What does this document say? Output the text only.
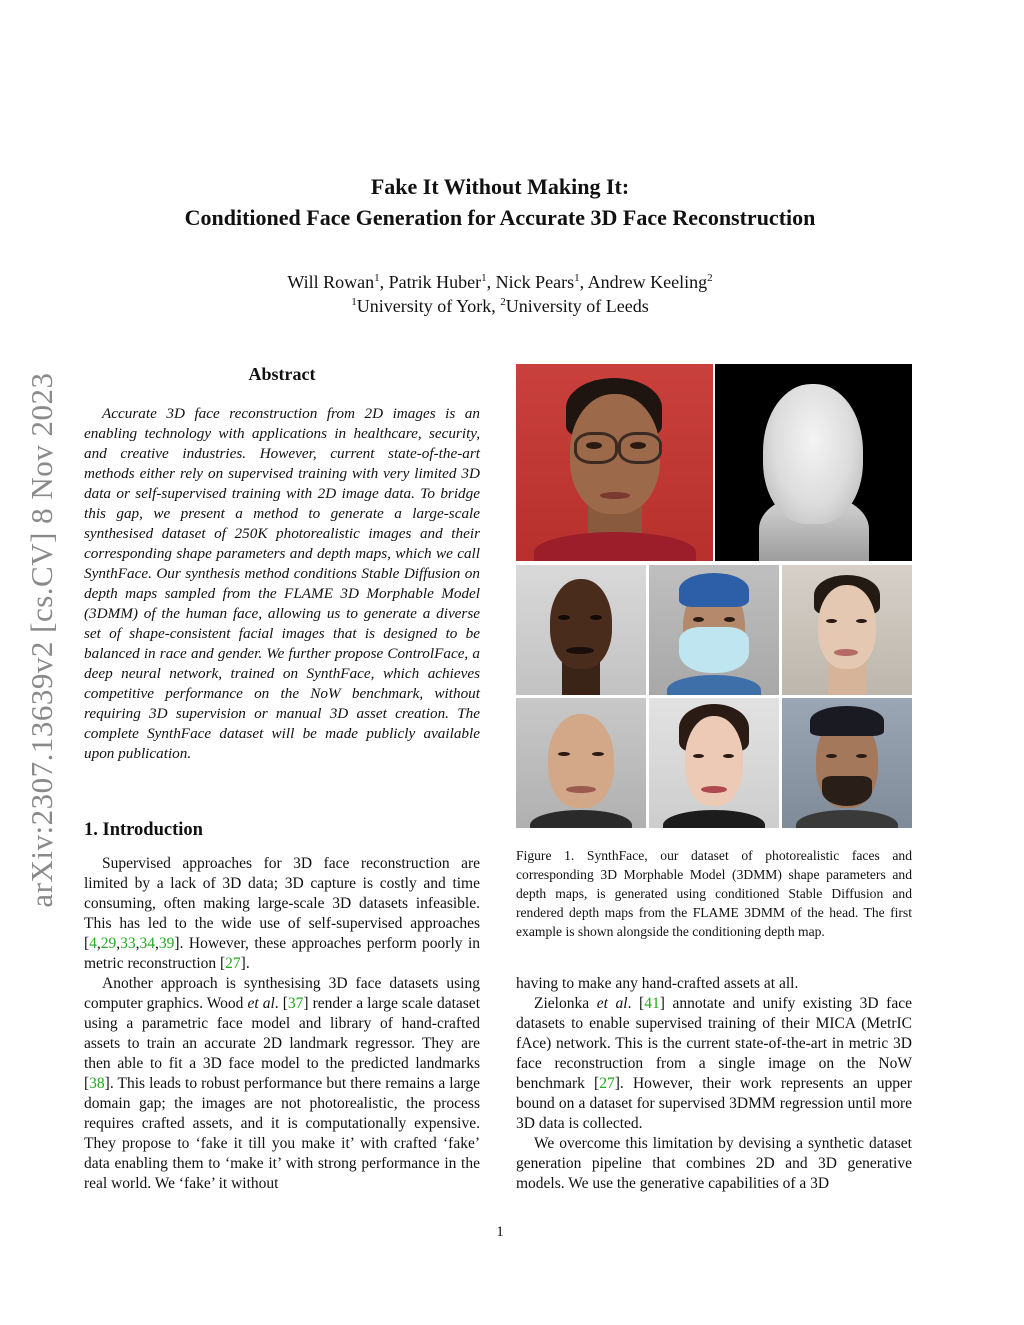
arXiv:2307.13639v2 [cs.CV] 8 Nov 2023
Fake It Without Making It:
Conditioned Face Generation for Accurate 3D Face Reconstruction
Will Rowan$^1$, Patrik Huber$^1$, Nick Pears$^1$, Andrew Keeling$^2$
$^1$University of York, $^2$University of Leeds
Abstract
Accurate 3D face reconstruction from 2D images is an enabling technology with applications in healthcare, security, and creative industries. However, current state-of-the-art methods either rely on supervised training with very limited 3D data or self-supervised training with 2D image data. To bridge this gap, we present a method to generate a large-scale synthesised dataset of 250K photorealistic images and their corresponding shape parameters and depth maps, which we call SynthFace. Our synthesis method conditions Stable Diffusion on depth maps sampled from the FLAME 3D Morphable Model (3DMM) of the human face, allowing us to generate a diverse set of shape-consistent facial images that is designed to be balanced in race and gender. We further propose ControlFace, a deep neural network, trained on SynthFace, which achieves competitive performance on the NoW benchmark, without requiring 3D supervision or manual 3D asset creation. The complete SynthFace dataset will be made publicly available upon publication.
1. Introduction

Supervised approaches for 3D face reconstruction are limited by a lack of 3D data; 3D capture is costly and time consuming, often making large-scale 3D datasets infeasible. This has led to the wide use of self-supervised approaches [4,29,33,34,39]. However, these approaches perform poorly in metric reconstruction [27].

Another approach is synthesising 3D face datasets using computer graphics. Wood et al. [37] render a large scale dataset using a parametric face model and library of hand-crafted assets to train an accurate 2D landmark regressor. They are then able to fit a 3D face model to the predicted landmarks [38]. This leads to robust performance but there remains a large domain gap; the images are not photorealistic, the process requires crafted assets, and it is computationally expensive. They propose to ‘fake it till you make it’ with crafted ‘fake’ data enabling them to ‘make it’ with strong performance in the real world. We ‘fake’ it without

Figure 1. SynthFace, our dataset of photorealistic faces and corresponding 3D Morphable Model (3DMM) shape parameters and depth maps, is generated using conditioned Stable Diffusion and rendered depth maps from the FLAME 3DMM of the head. The first example is shown alongside the conditioning depth map.

having to make any hand-crafted assets at all.

Zielonka et al. [41] annotate and unify existing 3D face datasets to enable supervised training of their MICA (MetrIC fAce) network. This is the current state-of-the-art in metric 3D face reconstruction from a single image on the NoW benchmark [27]. However, their work represents an upper bound on a dataset for supervised 3DMM regression until more 3D data is collected.

We overcome this limitation by devising a synthetic dataset generation pipeline that combines 2D and 3D generative models. We use the generative capabilities of a 3D

1
